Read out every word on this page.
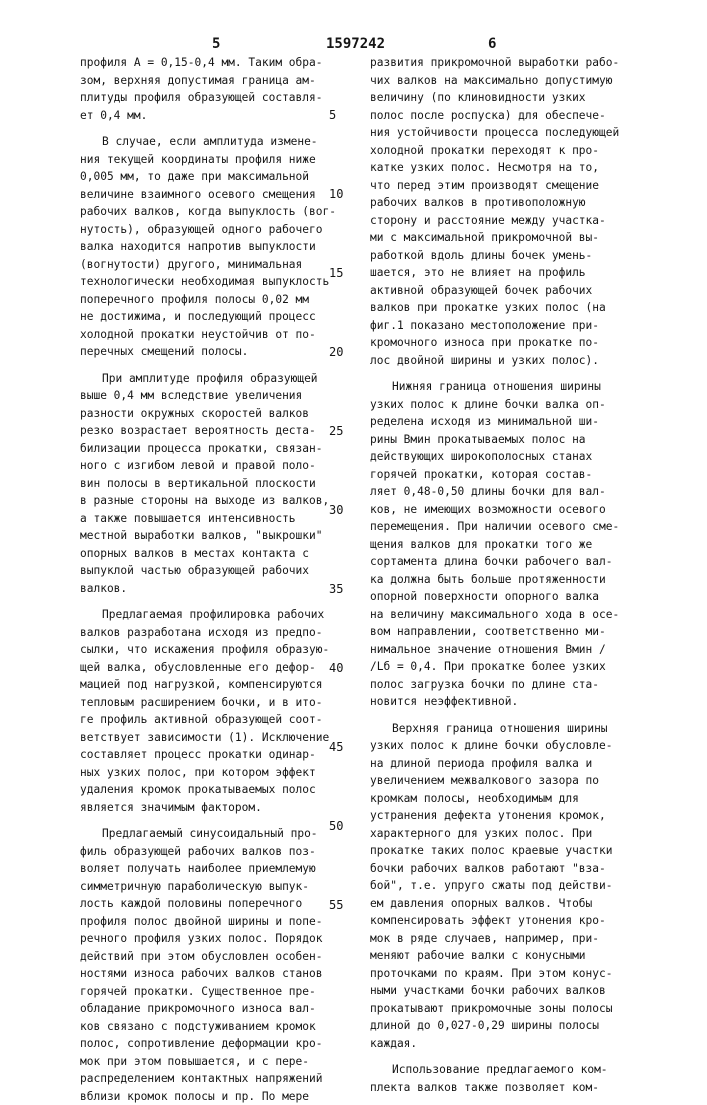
5	1597242	6
профиля A = 0,15-0,4 мм. Таким обра-
зом, верхняя допустимая граница ам-
плитуды профиля образующей составля-
ет 0,4 мм.
В случае, если амплитуда измене-
ния текущей координаты профиля ниже
0,005 мм, то даже при максимальной
величине взаимного осевого смещения
рабочих валков, когда выпуклость (вог-
нутость), образующей одного рабочего
валка находится напротив выпуклости
(вогнутости) другого, минимальная
технологически необходимая выпуклость
поперечного профиля полосы 0,02 мм
не достижима, и последующий процесс
холодной прокатки неустойчив от по-
перечных смещений полосы.
При амплитуде профиля образующей
выше 0,4 мм вследствие увеличения
разности окружных скоростей валков
резко возрастает вероятность деста-
билизации процесса прокатки, связан-
ного с изгибом левой и правой поло-
вин полосы в вертикальной плоскости
в разные стороны на выходе из валков,
а также повышается интенсивность
местной выработки валков, "выкрошки"
опорных валков в местах контакта с
выпуклой частью образующей рабочих
валков.
Предлагаемая профилировка рабочих
валков разработана исходя из предпо-
сылки, что искажения профиля образую-
щей валка, обусловленные его дефор-
мацией под нагрузкой, компенсируются
тепловым расширением бочки, и в ито-
ге профиль активной образующей соот-
ветствует зависимости (1). Исключение
составляет процесс прокатки одинар-
ных узких полос, при котором эффект
удаления кромок прокатываемых полос
является значимым фактором.
Предлагаемый синусоидальный про-
филь образующей рабочих валков поз-
воляет получать наиболее приемлемую
симметричную параболическую выпук-
лость каждой половины поперечного
профиля полос двойной ширины и попе-
речного профиля узких полос. Порядок
действий при этом обусловлен особен-
ностями износа рабочих валков станов
горячей прокатки. Существенное пре-
обладание прикромочного износа вал-
ков связано с подстуживанием кромок
полос, сопротивление деформации кро-
мок при этом повышается, и с пере-
распределением контактных напряжений
вблизи кромок полосы и пр. По мере
развития прикромочной выработки рабо-
чих валков на максимально допустимую
величину (по клиновидности узких
полос после роспуска) для обеспече-
ния устойчивости процесса последующей
холодной прокатки переходят к про-
катке узких полос. Несмотря на то,
что перед этим производят смещение
рабочих валков в противоположную
сторону и расстояние между участка-
ми с максимальной прикромочной вы-
работкой вдоль длины бочек умень-
шается, это не влияет на профиль
активной образующей бочек рабочих
валков при прокатке узких полос (на
фиг.1 показано местоположение при-
кромочного износа при прокатке по-
лос двойной ширины и узких полос).
Нижняя граница отношения ширины
узких полос к длине бочки валка оп-
ределена исходя из минимальной ши-
рины Bмин прокатываемых полос на
действующих широкополосных станах
горячей прокатки, которая состав-
ляет 0,48-0,50 длины бочки для вал-
ков, не имеющих возможности осевого
перемещения. При наличии осевого сме-
щения валков для прокатки того же
сортамента длина бочки рабочего вал-
ка должна быть больше протяженности
опорной поверхности опорного валка
на величину максимального хода в осе-
вом направлении, соответственно ми-
нимальное значение отношения Bмин /
/Lб = 0,4. При прокатке более узких
полос загрузка бочки по длине ста-
новится неэффективной.
Верхняя граница отношения ширины
узких полос к длине бочки обусловле-
на длиной периода профиля валка и
увеличением межвалкового зазора по
кромкам полосы, необходимым для
устранения дефекта утонения кромок,
характерного для узких полос. При
прокатке таких полос краевые участки
бочки рабочих валков работают "вза-
бой", т.е. упруго сжаты под действи-
ем давления опорных валков. Чтобы
компенсировать эффект утонения кро-
мок в ряде случаев, например, при-
меняют рабочие валки с конусными
проточками по краям. При этом конус-
ными участками бочки рабочих валков
прокатывают прикромочные зоны полосы
длиной до 0,027-0,29 ширины полосы
каждая.
Использование предлагаемого ком-
плекта валков также позволяет ком-
5
10
15
20
25
30
35
40
45
50
55
